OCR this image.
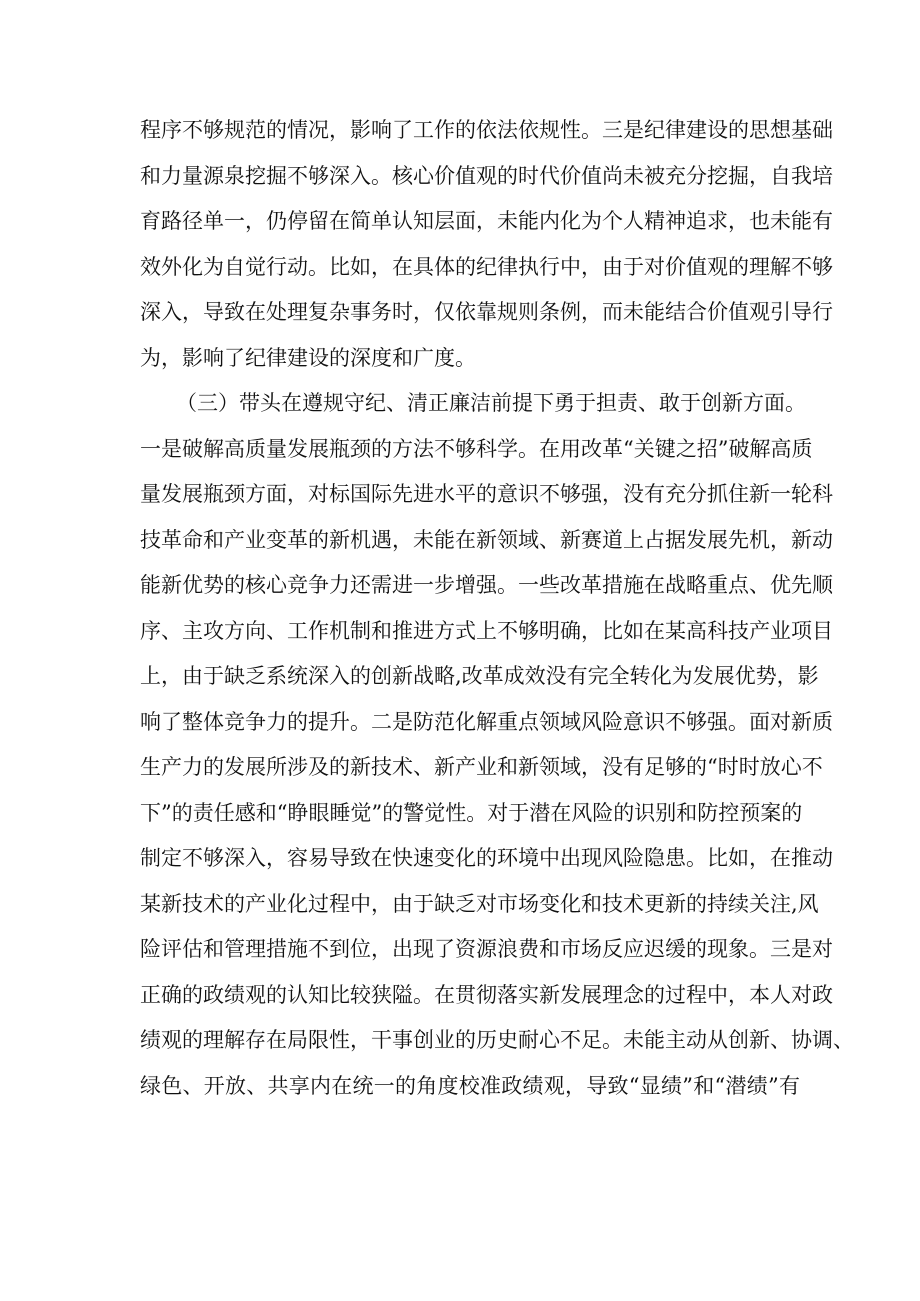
程序不够规范的情况，影响了工作的依法依规性。三是纪律建设的思想基础
和力量源泉挖掘不够深入。核心价值观的时代价值尚未被充分挖掘，自我培
育路径单一，仍停留在简单认知层面，未能内化为个人精神追求，也未能有
效外化为自觉行动。比如，在具体的纪律执行中，由于对价值观的理解不够
深入，导致在处理复杂事务时，仅依靠规则条例，而未能结合价值观引导行
为，影响了纪律建设的深度和广度。
（三）带头在遵规守纪、清正廉洁前提下勇于担责、敢于创新方面。
一是破解高质量发展瓶颈的方法不够科学。在用改革“关键之招”破解高质
量发展瓶颈方面，对标国际先进水平的意识不够强，没有充分抓住新一轮科
技革命和产业变革的新机遇，未能在新领域、新赛道上占据发展先机，新动
能新优势的核心竞争力还需进一步增强。一些改革措施在战略重点、优先顺
序、主攻方向、工作机制和推进方式上不够明确，比如在某高科技产业项目
上，由于缺乏系统深入的创新战略,改革成效没有完全转化为发展优势，影
响了整体竞争力的提升。二是防范化解重点领域风险意识不够强。面对新质
生产力的发展所涉及的新技术、新产业和新领域，没有足够的“时时放心不
下”的责任感和“睁眼睡觉”的警觉性。对于潜在风险的识别和防控预案的
制定不够深入，容易导致在快速变化的环境中出现风险隐患。比如，在推动
某新技术的产业化过程中，由于缺乏对市场变化和技术更新的持续关注,风
险评估和管理措施不到位，出现了资源浪费和市场反应迟缓的现象。三是对
正确的政绩观的认知比较狭隘。在贯彻落实新发展理念的过程中，本人对政
绩观的理解存在局限性，干事创业的历史耐心不足。未能主动从创新、协调、
绿色、开放、共享内在统一的角度校准政绩观，导致“显绩”和“潜绩”有
